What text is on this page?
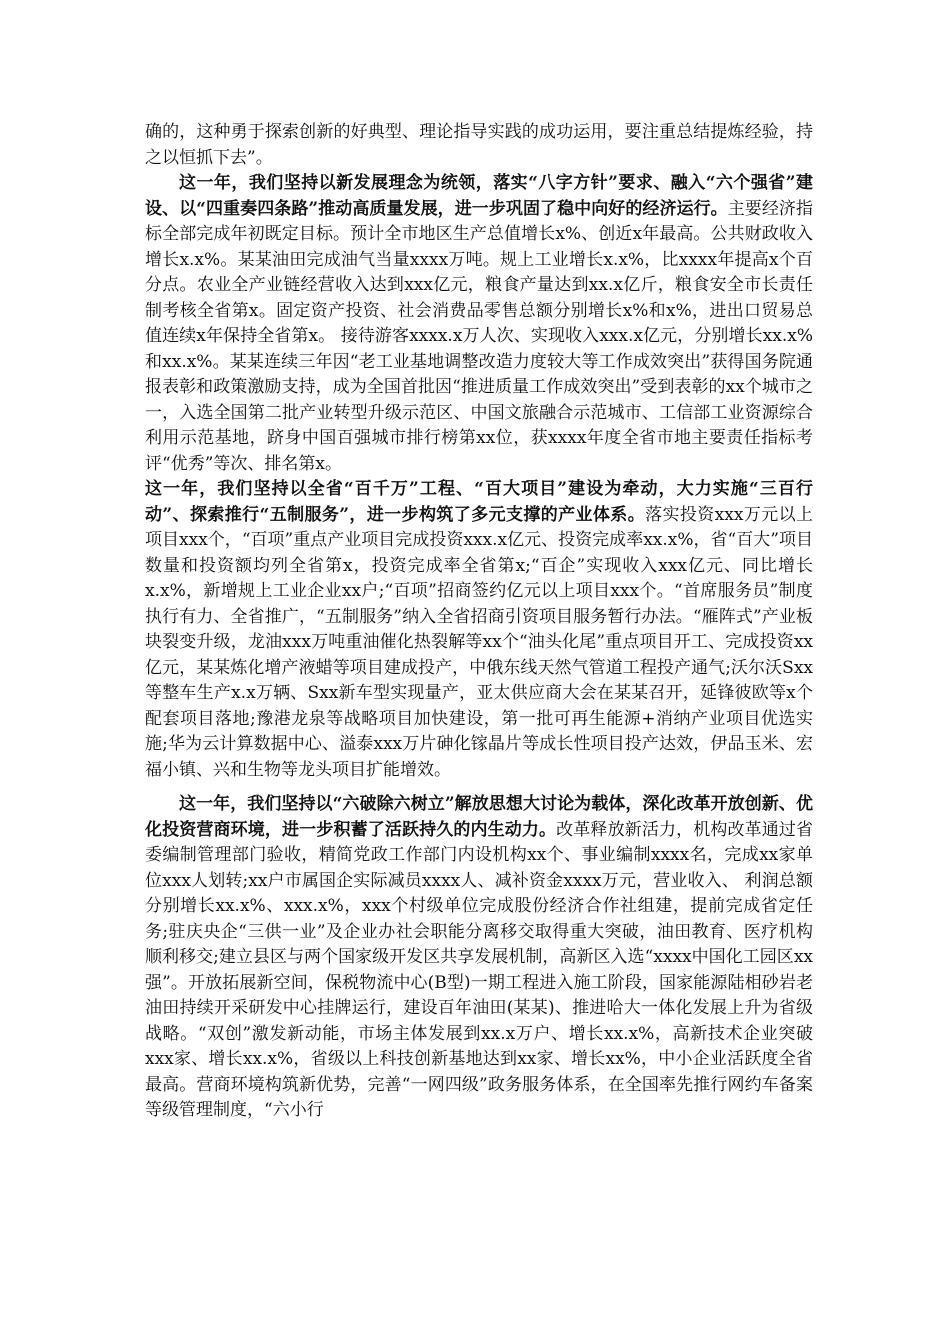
确的，这种勇于探索创新的好典型、理论指导实践的成功运用，要注重总结提炼经验，持之以恒抓下去”。

这一年，我们坚持以新发展理念为统领，落实“八字方针”要求、融入“六个强省”建设、以“四重奏四条路”推动高质量发展，进一步巩固了稳中向好的经济运行。主要经济指标全部完成年初既定目标。预计全市地区生产总值增长x%、创近x年最高。公共财政收入增长x.x%。某某油田完成油气当量xxxx万吨。规上工业增长x.x%，比xxxx年提高x个百分点。农业全产业链经营收入达到xxx亿元，粮食产量达到xx.x亿斤，粮食安全市长责任制考核全省第x。固定资产投资、社会消费品零售总额分别增长x%和x%，进出口贸易总值连续x年保持全省第x。 接待游客xxxx.x万人次、实现收入xxx.x亿元，分别增长xx.x%和xx.x%。某某连续三年因“老工业基地调整改造力度较大等工作成效突出”获得国务院通报表彰和政策激励支持，成为全国首批因“推进质量工作成效突出”受到表彰的xx个城市之一，入选全国第二批产业转型升级示范区、中国文旅融合示范城市、工信部工业资源综合利用示范基地，跻身中国百强城市排行榜第xx位，获xxxx年度全省市地主要责任指标考评“优秀”等次、排名第x。

这一年，我们坚持以全省“百千万”工程、“百大项目”建设为牵动，大力实施“三百行动”、探索推行“五制服务”，进一步构筑了多元支撑的产业体系。落实投资xxx万元以上项目xxx个，“百项”重点产业项目完成投资xxx.x亿元、投资完成率xx.x%，省“百大”项目数量和投资额均列全省第x，投资完成率全省第x;“百企”实现收入xxx亿元、同比增长x.x%，新增规上工业企业xx户;“百项”招商签约亿元以上项目xxx个。“首席服务员”制度执行有力、全省推广，“五制服务”纳入全省招商引资项目服务暂行办法。“雁阵式”产业板块裂变升级，龙油xxx万吨重油催化热裂解等xx个“油头化尾”重点项目开工、完成投资xx亿元，某某炼化增产液蜡等项目建成投产，中俄东线天然气管道工程投产通气;沃尔沃Sxx等整车生产x.x万辆、Sxx新车型实现量产，亚太供应商大会在某某召开，延锋彼欧等x个配套项目落地;豫港龙泉等战略项目加快建设，第一批可再生能源+消纳产业项目优选实施;华为云计算数据中心、溢泰xxx万片砷化镓晶片等成长性项目投产达效，伊品玉米、宏福小镇、兴和生物等龙头项目扩能增效。

这一年，我们坚持以“六破除六树立”解放思想大讨论为载体，深化改革开放创新、优化投资营商环境，进一步积蓄了活跃持久的内生动力。改革释放新活力，机构改革通过省委编制管理部门验收，精简党政工作部门内设机构xx个、事业编制xxxx名，完成xx家单位xxx人划转;xx户市属国企实际减员xxxx人、减补资金xxxx万元，营业收入、 利润总额分别增长xx.x%、xxx.x%，xxx个村级单位完成股份经济合作社组建，提前完成省定任务;驻庆央企“三供一业”及企业办社会职能分离移交取得重大突破，油田教育、医疗机构顺利移交;建立县区与两个国家级开发区共享发展机制，高新区入选“xxxx中国化工园区xx强”。开放拓展新空间，保税物流中心(B型)一期工程进入施工阶段，国家能源陆相砂岩老油田持续开采研发中心挂牌运行，建设百年油田(某某)、推进哈大一体化发展上升为省级战略。“双创”激发新动能，市场主体发展到xx.x万户、增长xx.x%，高新技术企业突破xxx家、增长xx.x%，省级以上科技创新基地达到xx家、增长xx%，中小企业活跃度全省最高。营商环境构筑新优势，完善“一网四级”政务服务体系，在全国率先推行网约车备案等级管理制度，“六小行
